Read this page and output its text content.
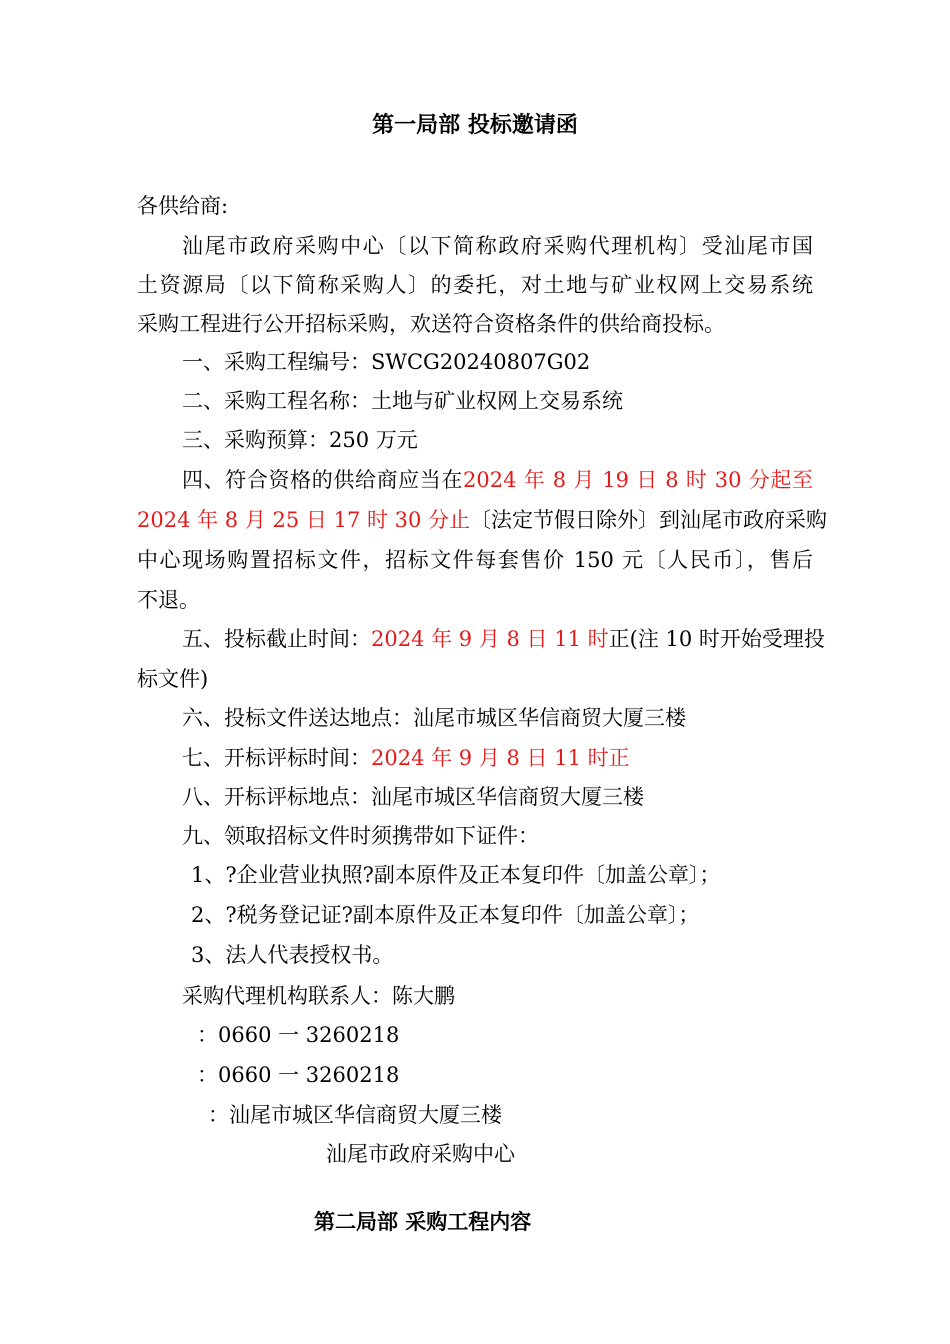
第一局部 投标邀请函
各供给商:
汕尾市政府采购中心〔以下简称政府采购代理机构〕受汕尾市国
土资源局〔以下简称采购人〕的委托，对土地与矿业权网上交易系统
采购工程进行公开招标采购，欢送符合资格条件的供给商投标。
一、采购工程编号：SWCG20240807G02
二、采购工程名称：土地与矿业权网上交易系统
三、采购预算：250 万元
四、符合资格的供给商应当在2024 年 8 月 19 日 8 时 30 分起至
2024 年 8 月 25 日 17 时 30 分止〔法定节假日除外〕到汕尾市政府采购
中心现场购置招标文件，招标文件每套售价 150 元〔人民币〕，售后
不退。
五、投标截止时间：2024 年 9 月 8 日 11 时正(注 10 时开始受理投
标文件)
六、投标文件送达地点：汕尾市城区华信商贸大厦三楼
七、开标评标时间：2024 年 9 月 8 日 11 时正
八、开标评标地点：汕尾市城区华信商贸大厦三楼
九、领取招标文件时须携带如下证件：
1、?企业营业执照?副本原件及正本复印件〔加盖公章〕；
2、?税务登记证?副本原件及正本复印件〔加盖公章〕；
3、法人代表授权书。
采购代理机构联系人：陈大鹏
：0660 一 3260218
：0660 一 3260218
：汕尾市城区华信商贸大厦三楼
汕尾市政府采购中心
第二局部 采购工程内容
